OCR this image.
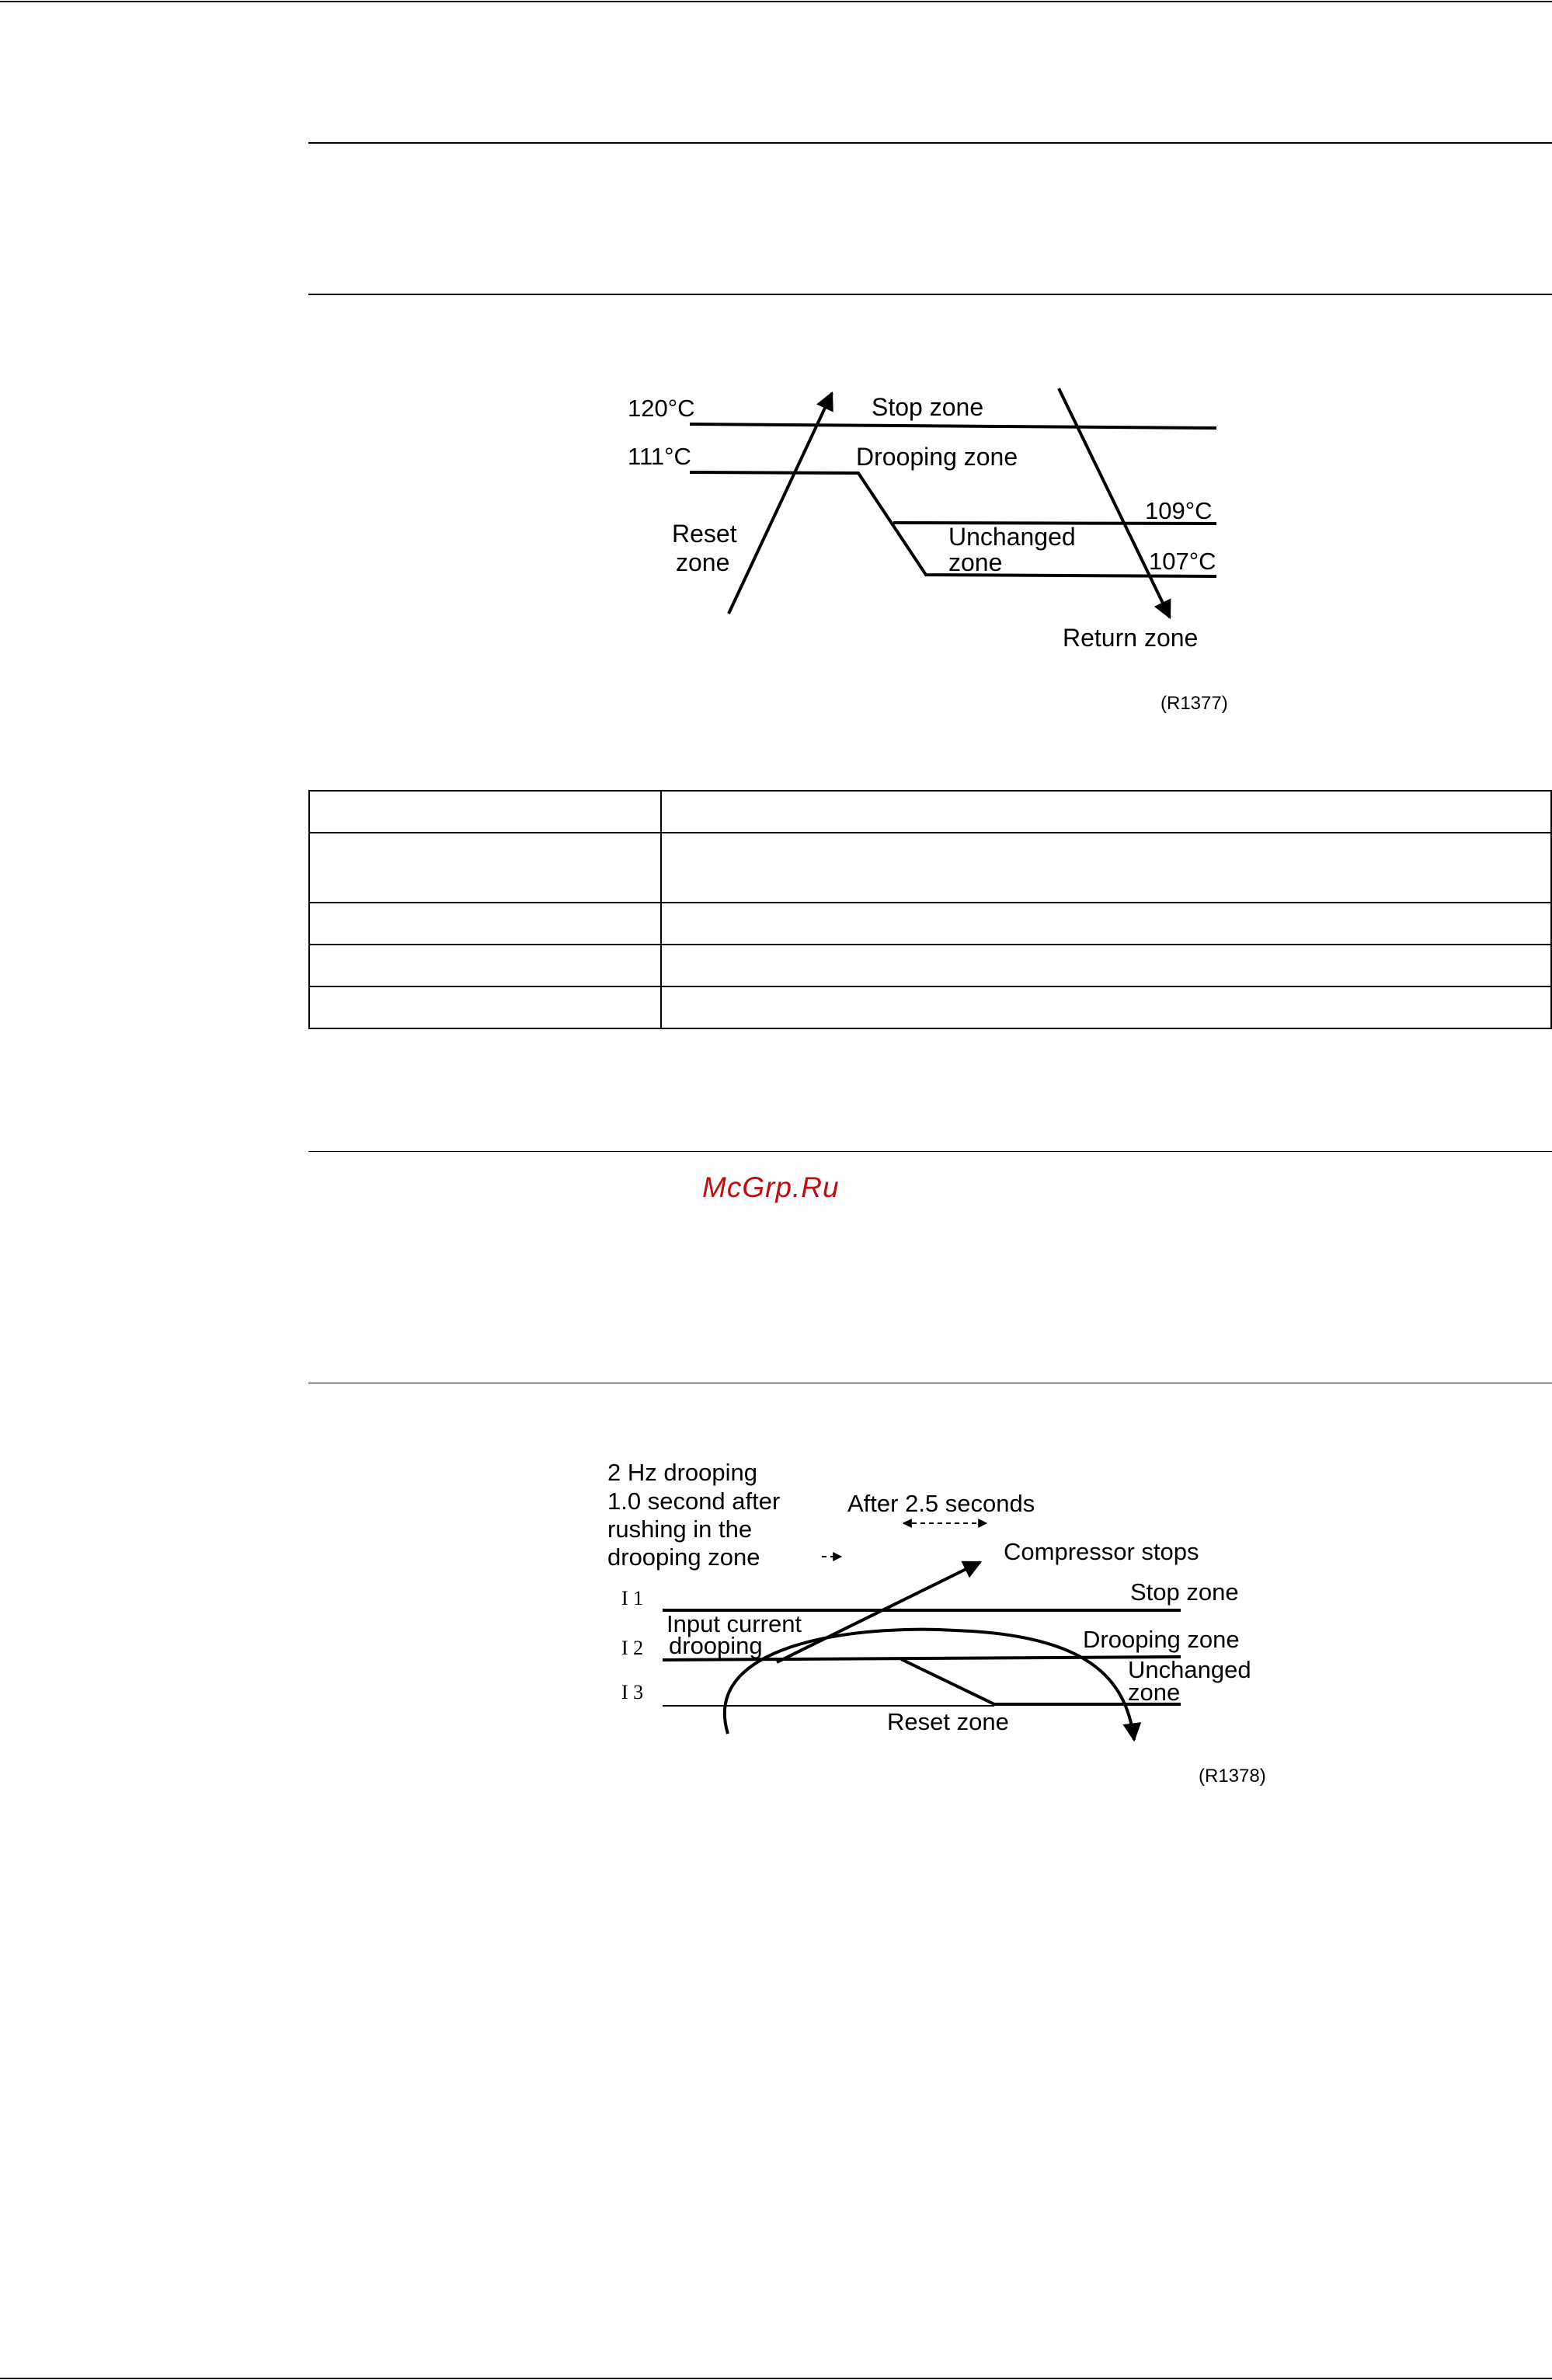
120°C
111°C
109°C
107°C
Stop zone
Drooping zone
Reset
zone
Unchanged
zone
Return zone
(R1377)

McGrp.Ru
2 Hz drooping
1.0 second after
rushing in the
drooping zone
After 2.5 seconds
Compressor stops
I 1
I 2
I 3
Stop zone
Input current
drooping	Drooping zone
Unchanged
zone
Reset zone
(R1378)
